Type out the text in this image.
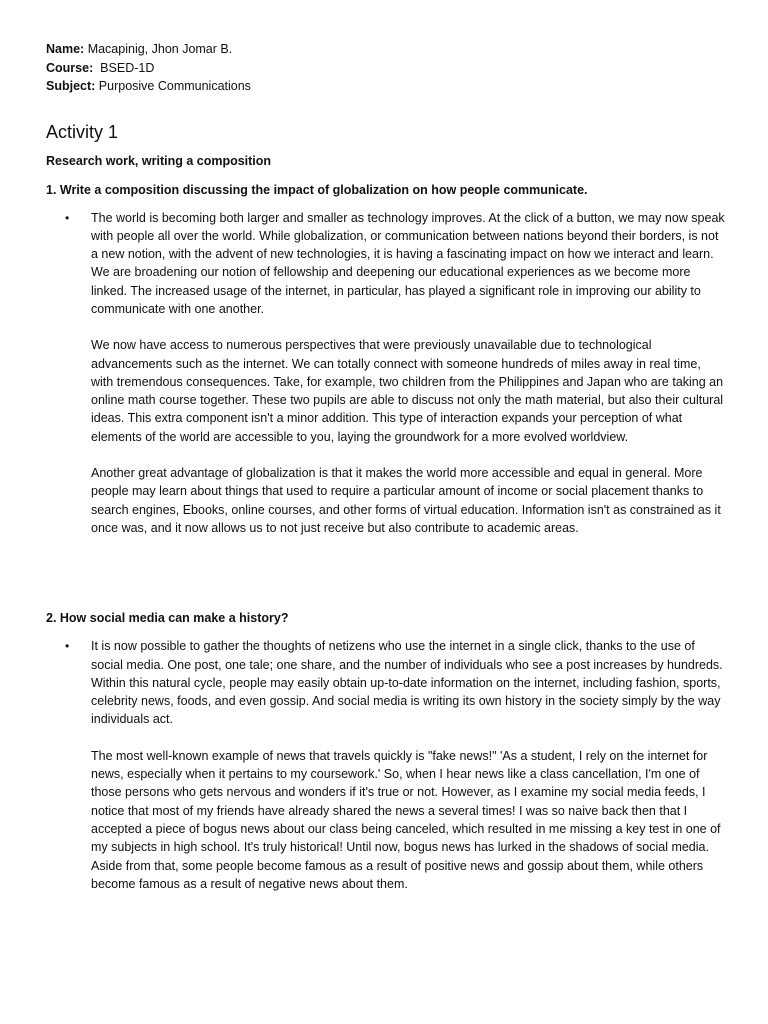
Name: Macapinig, Jhon Jomar B.
Course:  BSED-1D
Subject: Purposive Communications
Activity 1
Research work, writing a composition
1. Write a composition discussing the impact of globalization on how people communicate.
• The world is becoming both larger and smaller as technology improves. At the click of a button, we may now speak with people all over the world. While globalization, or communication between nations beyond their borders, is not a new notion, with the advent of new technologies, it is having a fascinating impact on how we interact and learn. We are broadening our notion of fellowship and deepening our educational experiences as we become more linked. The increased usage of the internet, in particular, has played a significant role in improving our ability to communicate with one another.

We now have access to numerous perspectives that were previously unavailable due to technological advancements such as the internet. We can totally connect with someone hundreds of miles away in real time, with tremendous consequences. Take, for example, two children from the Philippines and Japan who are taking an online math course together. These two pupils are able to discuss not only the math material, but also their cultural ideas. This extra component isn't a minor addition. This type of interaction expands your perception of what elements of the world are accessible to you, laying the groundwork for a more evolved worldview.

Another great advantage of globalization is that it makes the world more accessible and equal in general. More people may learn about things that used to require a particular amount of income or social placement thanks to search engines, Ebooks, online courses, and other forms of virtual education. Information isn't as constrained as it once was, and it now allows us to not just receive but also contribute to academic areas.

2. How social media can make a history?
• It is now possible to gather the thoughts of netizens who use the internet in a single click, thanks to the use of social media. One post, one tale; one share, and the number of individuals who see a post increases by hundreds. Within this natural cycle, people may easily obtain up-to-date information on the internet, including fashion, sports, celebrity news, foods, and even gossip. And social media is writing its own history in the society simply by the way individuals act.

The most well-known example of news that travels quickly is "fake news!" 'As a student, I rely on the internet for news, especially when it pertains to my coursework.' So, when I hear news like a class cancellation, I'm one of those persons who gets nervous and wonders if it's true or not. However, as I examine my social media feeds, I notice that most of my friends have already shared the news a several times! I was so naive back then that I accepted a piece of bogus news about our class being canceled, which resulted in me missing a key test in one of my subjects in high school. It's truly historical! Until now, bogus news has lurked in the shadows of social media. Aside from that, some people become famous as a result of positive news and gossip about them, while others become famous as a result of negative news about them.
